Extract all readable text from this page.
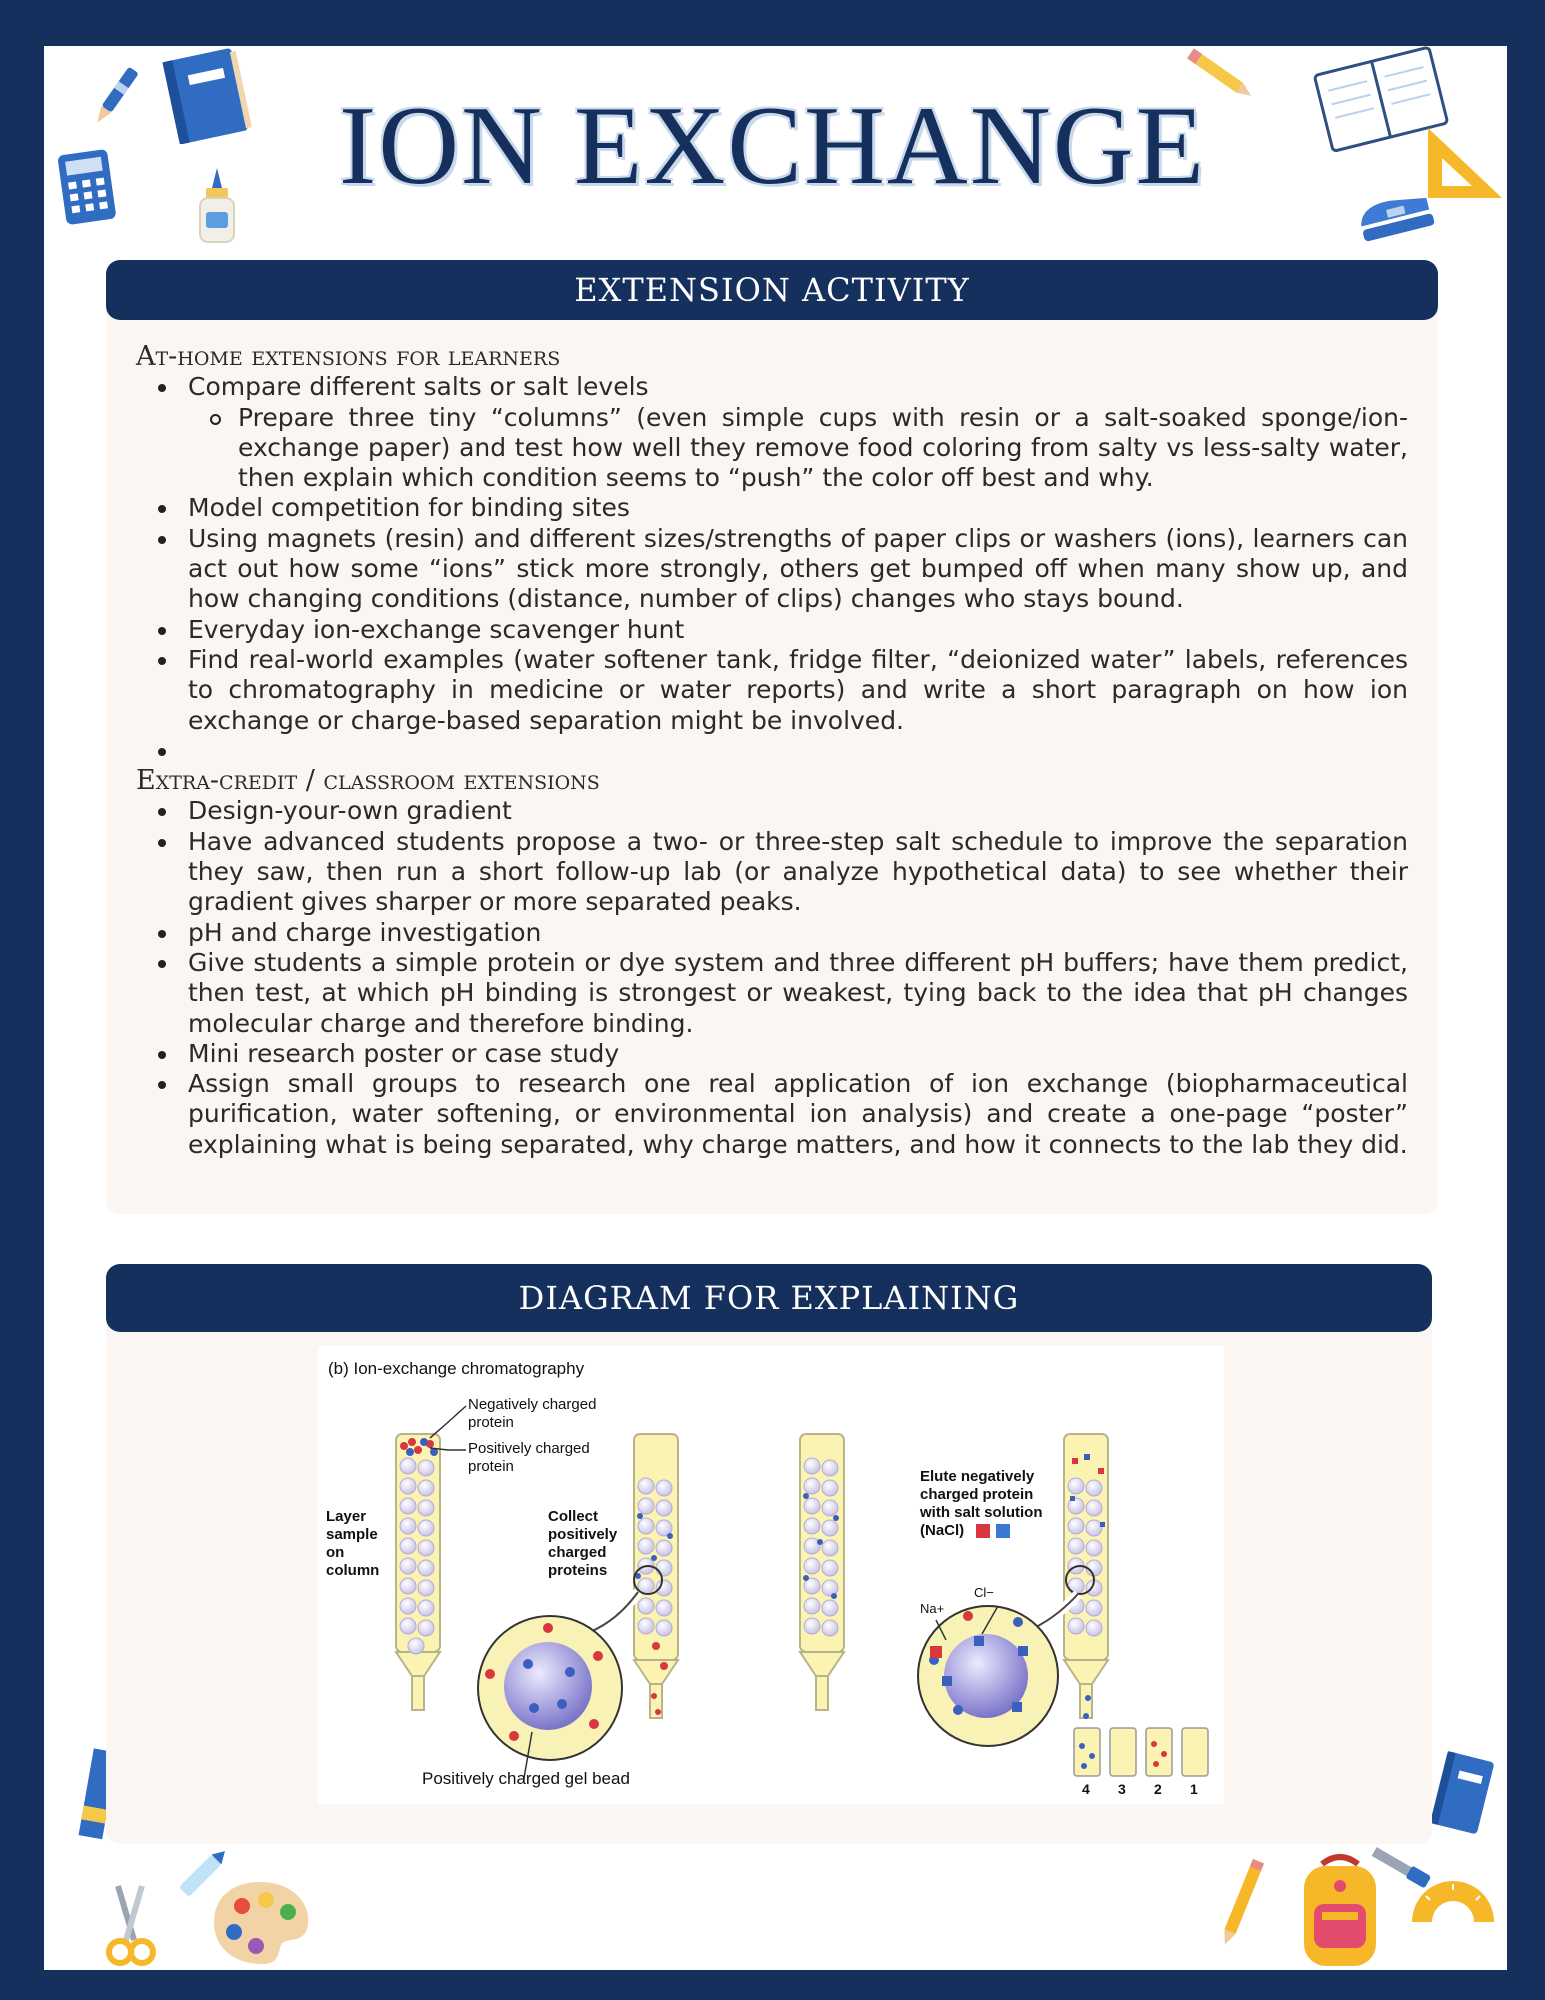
ION EXCHANGE
EXTENSION ACTIVITY
At-home extensions for learners
Compare different salts or salt levels
Prepare three tiny “columns” (even simple cups with resin or a salt-soaked sponge/ion-exchange paper) and test how well they remove food coloring from salty vs less-salty water, then explain which condition seems to “push” the color off best and why.
Model competition for binding sites
Using magnets (resin) and different sizes/strengths of paper clips or washers (ions), learners can act out how some “ions” stick more strongly, others get bumped off when many show up, and how changing conditions (distance, number of clips) changes who stays bound.
Everyday ion-exchange scavenger hunt
Find real-world examples (water softener tank, fridge filter, “deionized water” labels, references to chromatography in medicine or water reports) and write a short paragraph on how ion exchange or charge-based separation might be involved.

Extra-credit / classroom extensions
Design-your-own gradient
Have advanced students propose a two- or three-step salt schedule to improve the separation they saw, then run a short follow-up lab (or analyze hypothetical data) to see whether their gradient gives sharper or more separated peaks.
pH and charge investigation
Give students a simple protein or dye system and three different pH buffers; have them predict, then test, at which pH binding is strongest or weakest, tying back to the idea that pH changes molecular charge and therefore binding.
Mini research poster or case study
Assign small groups to research one real application of ion exchange (biopharmaceutical purification, water softening, or environmental ion analysis) and create a one-page “poster” explaining what is being separated, why charge matters, and how it connects to the lab they did.
DIAGRAM FOR EXPLAINING
(b) Ion-exchange chromatography
Negatively charged protein
Positively charged protein
Layer sample on column
Collect positively charged proteins
Elute negatively charged protein with salt solution (NaCl)
Na+
Cl−
Positively charged gel bead
4 3 2 1
